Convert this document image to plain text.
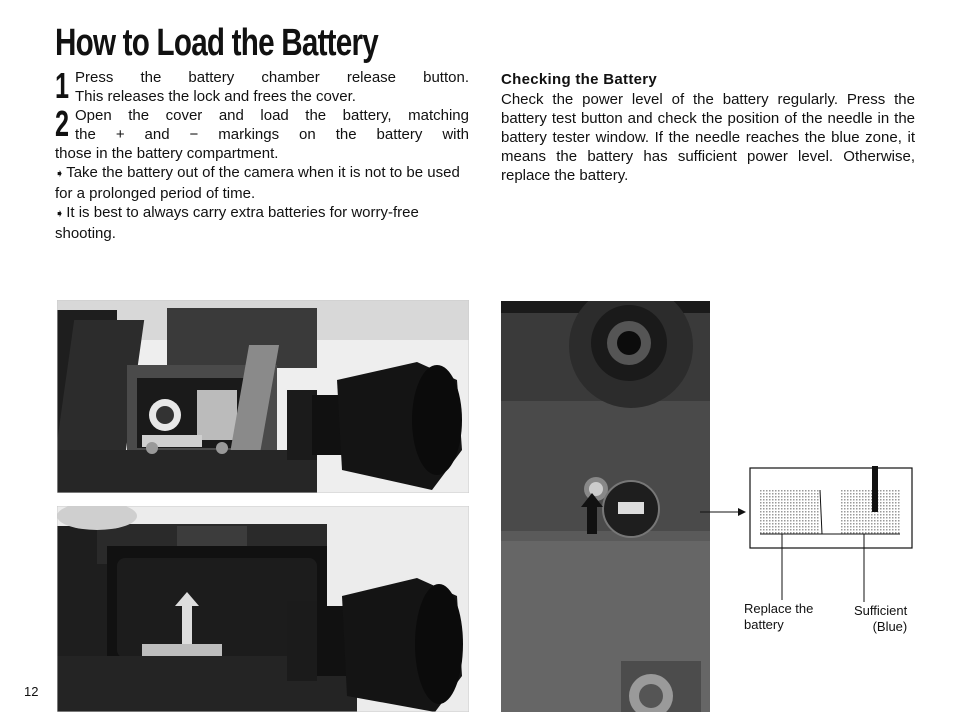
How to Load the Battery
1 Press the battery chamber release button.
This releases the lock and frees the cover.
2 Open the cover and load the battery, matching
the + and − markings on the battery with
those in the battery compartment.
➧ Take the battery out of the camera when it is not to be used for a prolonged period of time.
➧ It is best to always carry extra batteries for worry-free shooting.
Checking the Battery
Check the power level of the battery regularly. Press the battery test button and check the position of the needle in the battery tester window. If the needle reaches the blue zone, it means the battery has sufficient power level. Otherwise, replace the battery.
Replace the
battery
Sufficient
(Blue)
12
